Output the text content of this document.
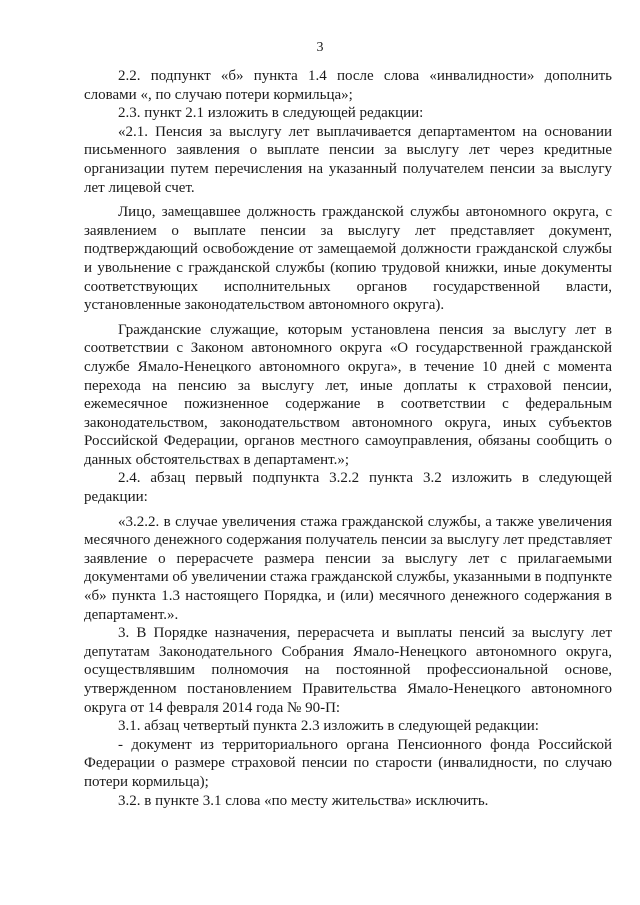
3

2.2. подпункт «б» пункта 1.4 после слова «инвалидности» дополнить словами «, по случаю потери кормильца»;

2.3. пункт 2.1 изложить в следующей редакции:

«2.1. Пенсия за выслугу лет выплачивается департаментом на основании письменного заявления о выплате пенсии за выслугу лет через кредитные организации путем перечисления на указанный получателем пенсии за выслугу лет лицевой счет.

Лицо, замещавшее должность гражданской службы автономного округа, с заявлением о выплате пенсии за выслугу лет представляет документ, подтверждающий освобождение от замещаемой должности гражданской службы и увольнение с гражданской службы (копию трудовой книжки, иные документы соответствующих исполнительных органов государственной власти, установленные законодательством автономного округа).

Гражданские служащие, которым установлена пенсия за выслугу лет в соответствии с Законом автономного округа «О государственной гражданской службе Ямало-Ненецкого автономного округа», в течение 10 дней с момента перехода на пенсию за выслугу лет, иные доплаты к страховой пенсии, ежемесячное пожизненное содержание в соответствии с федеральным законодательством, законодательством автономного округа, иных субъектов Российской Федерации, органов местного самоуправления, обязаны сообщить о данных обстоятельствах в департамент.»;

2.4. абзац первый подпункта 3.2.2 пункта 3.2 изложить в следующей редакции:

«3.2.2. в случае увеличения стажа гражданской службы, а также увеличения месячного денежного содержания получатель пенсии за выслугу лет представляет заявление о перерасчете размера пенсии за выслугу лет с прилагаемыми документами об увеличении стажа гражданской службы, указанными в подпункте «б» пункта 1.3 настоящего Порядка, и (или) месячного денежного содержания в департамент.».

3. В Порядке назначения, перерасчета и выплаты пенсий за выслугу лет депутатам Законодательного Собрания Ямало-Ненецкого автономного округа, осуществлявшим полномочия на постоянной профессиональной основе, утвержденном постановлением Правительства Ямало-Ненецкого автономного округа от 14 февраля 2014 года № 90-П:

3.1. абзац четвертый пункта 2.3 изложить в следующей редакции:

- документ из территориального органа Пенсионного фонда Российской Федерации о размере страховой пенсии по старости (инвалидности, по случаю потери кормильца);

3.2. в пункте 3.1 слова «по месту жительства» исключить.
